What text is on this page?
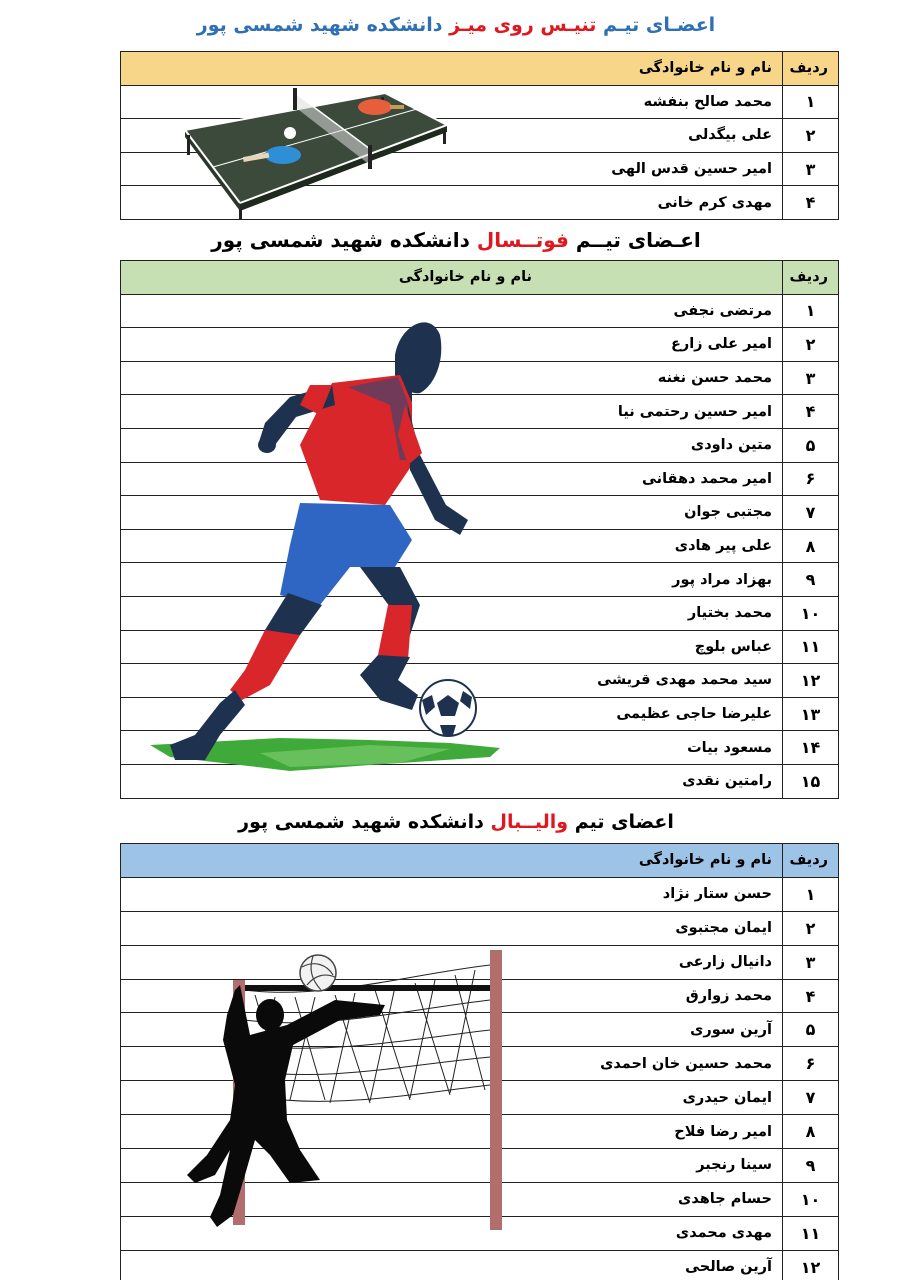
اعضـای تیـم تنیـس روی میـز دانشکده شهید شمسی پور
ردیف	نام و نام خانوادگی
۱	محمد صالح بنفشه
۲	علی بیگدلی
۳	امیر حسین قدس الهی
۴	مهدی کرم خانی
اعـضای تیــم فوتــسال دانشکده شهید شمسی پور
ردیف	نام و نام خانوادگی
۱	مرتضی نجفی
۲	امیر علی زارع
۳	محمد حسن نغنه
۴	امیر حسین رحتمی نیا
۵	متین داودی
۶	امیر محمد دهقانی
۷	مجتبی جوان
۸	علی پیر هادی
۹	بهزاد مراد پور
۱۰	محمد بختیار
۱۱	عباس بلوچ
۱۲	سید محمد مهدی قریشی
۱۳	علیرضا حاجی عظیمی
۱۴	مسعود بیات
۱۵	رامتین نقدی
اعضای تیم والیــبال دانشکده شهید شمسی پور
ردیف	نام و نام خانوادگی
۱	حسن ستار نژاد
۲	ایمان مجتبوی
۳	دانیال زارعی
۴	محمد زوارق
۵	آرین سوری
۶	محمد حسین خان احمدی
۷	ایمان حیدری
۸	امیر رضا فلاح
۹	سینا رنجبر
۱۰	حسام جاهدی
۱۱	مهدی محمدی
۱۲	آرین صالحی
